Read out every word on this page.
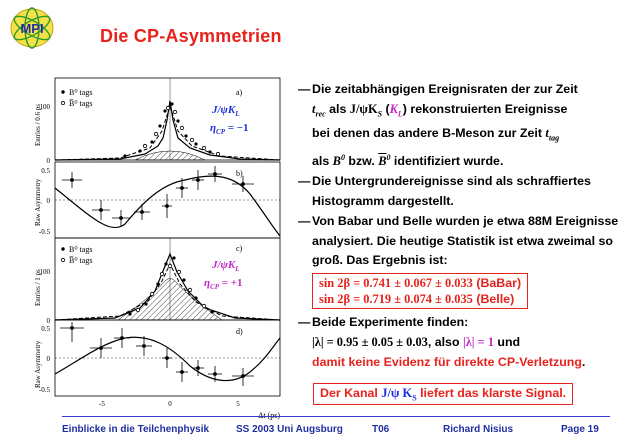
MPI	Die CP-Asymmetrien
B⁰ tags
B̅⁰ tags
a)
$J/\psi K_L$
$\eta_{CP} = -1$
0
100
Entries / 0.6 ps
b)
0.5
0
-0.5
Raw Asymmetry
B⁰ tags
B̅⁰ tags
c)
$J/\psi K_L$
$\eta_{CP} = +1$
0
100
Entries / 1 ps
d)
0.5
0
-0.5
Raw Asymmetry
-5	0	5
— Die zeitabhängigen Ereignisraten der zur Zeit
$t_{rec}$ als $J/\psi K_S$ $(K_L)$ rekonstruierten Ereignisse
bei denen das andere B-Meson zur Zeit $t_{tag}$
als $B^0$ bzw. $\overline{B}^0$ identifiziert wurde.
— Die Untergrundereignisse sind als schraffiertes Histogramm dargestellt.
— Von Babar und Belle wurden je etwa 88M Ereignisse analysiert. Die heutige Statistik ist etwa zweimal so groß. Das Ergebnis ist:
sin 2β = 0.741 ± 0.067 ± 0.033 (BaBar)
sin 2β = 0.719 ± 0.074 ± 0.035 (Belle)
— Beide Experimente finden:
|λ| = 0.95 ± 0.05 ± 0.03, also |λ| = 1 und
damit keine Evidenz für direkte CP-Verletzung.
Der Kanal J/ψ $K_S$ liefert das klarste Signal.
Einblicke in die Teilchenphysik	SS 2003 Uni Augsburg	T06	Richard Nisius	Page 19
